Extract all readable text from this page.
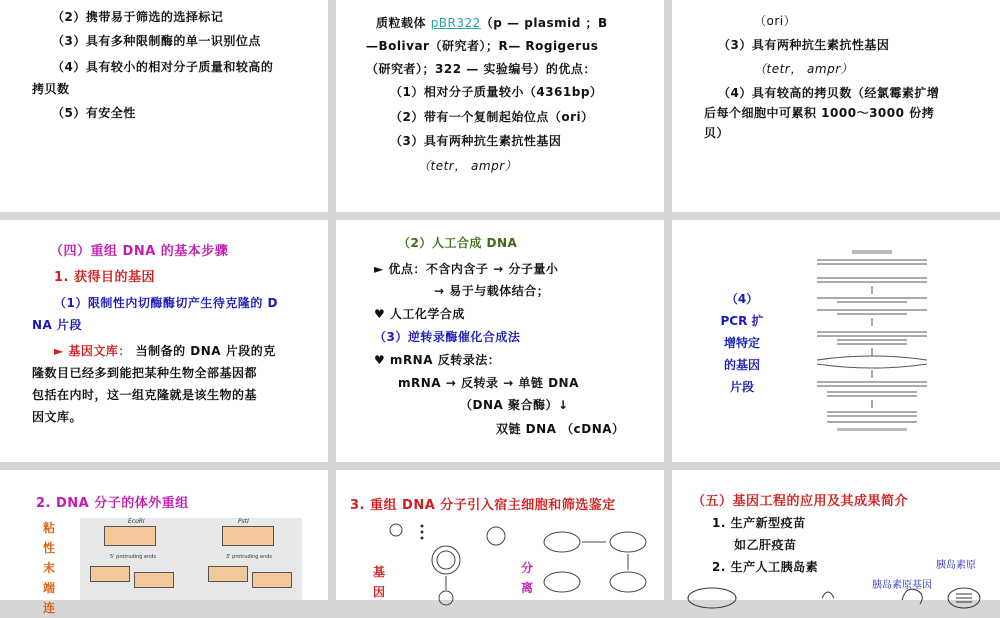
（2）携带易于筛选的选择标记
（3）具有多种限制酶的单一识别位点
（4）具有较小的相对分子质量和较高的
拷贝数
（5）有安全性
质粒载体 pBR322（p — plasmid ；B
—Bolivar（研究者）；R— Rogigerus
（研究者）；322 — 实验编号）的优点：
（1）相对分子质量较小（4361bp）
（2）带有一个复制起始位点（ori）
（3）具有两种抗生素抗性基因
（tetr， ampr）
（ori）
（3）具有两种抗生素抗性基因
（tetr， ampr）
（4）具有较高的拷贝数（经氯霉素扩增
后每个细胞中可累积 1000～3000 份拷
贝）
（四）重组 DNA 的基本步骤
1. 获得目的基因
（1）限制性内切酶酶切产生待克隆的 D
NA 片段
► 基因文库： 当制备的 DNA 片段的克
隆数目已经多到能把某种生物全部基因都
包括在内时，这一组克隆就是该生物的基
因文库。
（2）人工合成 DNA
► 优点：不含内含子 → 分子量小
→ 易于与载体结合；
♥ 人工化学合成
（3）逆转录酶催化合成法
♥ mRNA 反转录法：
mRNA → 反转录 → 单链 DNA
（DNA 聚合酶）↓
双链 DNA （cDNA）
（4）
PCR 扩
增特定
的基因
片段
2. DNA 分子的体外重组
粘
性
末
端
连
EcoRI	PstI
5' protruding ends	3' protruding ends
3. 重组 DNA 分子引入宿主细胞和筛选鉴定
基
因
分
离
（五）基因工程的应用及其成果简介
1. 生产新型疫苗
如乙肝疫苗
2. 生产人工胰岛素	胰岛素原
胰岛素原基因
